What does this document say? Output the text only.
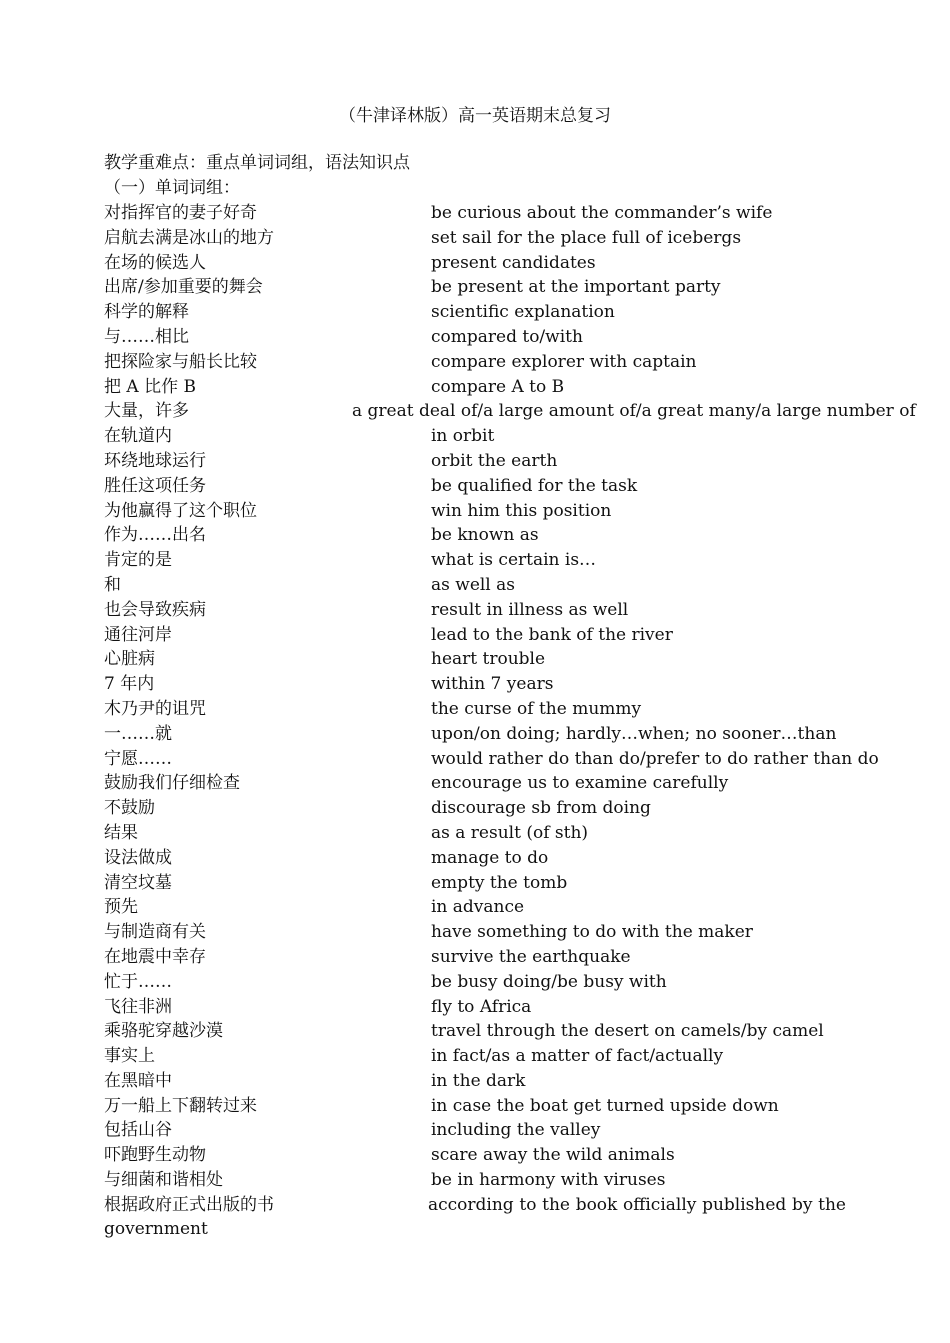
（牛津译林版）高一英语期末总复习
教学重难点：重点单词词组，语法知识点
（一）单词词组：
对指挥官的妻子好奇	be curious about the commander’s wife
启航去满是冰山的地方	set sail for the place full of icebergs
在场的候选人	present candidates
出席/参加重要的舞会	be present at the important party
科学的解释	scientific explanation
与……相比	compared to/with
把探险家与船长比较	compare explorer with captain
把 A 比作 B	compare A to B
大量，许多	a great deal of/a large amount of/a great many/a large number of
在轨道内	in orbit
环绕地球运行	orbit the earth
胜任这项任务	be qualified for the task
为他赢得了这个职位	win him this position
作为……出名	be known as
肯定的是	what is certain is…
和	as well as
也会导致疾病	result in illness as well
通往河岸	lead to the bank of the river
心脏病	heart trouble
7 年内	within 7 years
木乃尹的诅咒	the curse of the mummy
一……就	upon/on doing; hardly…when; no sooner…than
宁愿……	would rather do than do/prefer to do rather than do
鼓励我们仔细检查	encourage us to examine carefully
不鼓励	discourage sb from doing
结果	as a result (of sth)
设法做成	manage to do
清空坟墓	empty the tomb
预先	in advance
与制造商有关	have something to do with the maker
在地震中幸存	survive the earthquake
忙于……	be busy doing/be busy with
飞往非洲	fly to Africa
乘骆驼穿越沙漠	travel through the desert on camels/by camel
事实上	in fact/as a matter of fact/actually
在黑暗中	in the dark
万一船上下翻转过来	in case the boat get turned upside down
包括山谷	including the valley
吓跑野生动物	scare away the wild animals
与细菌和谐相处	be in harmony with viruses
根据政府正式出版的书	according to the book officially published by the
government
